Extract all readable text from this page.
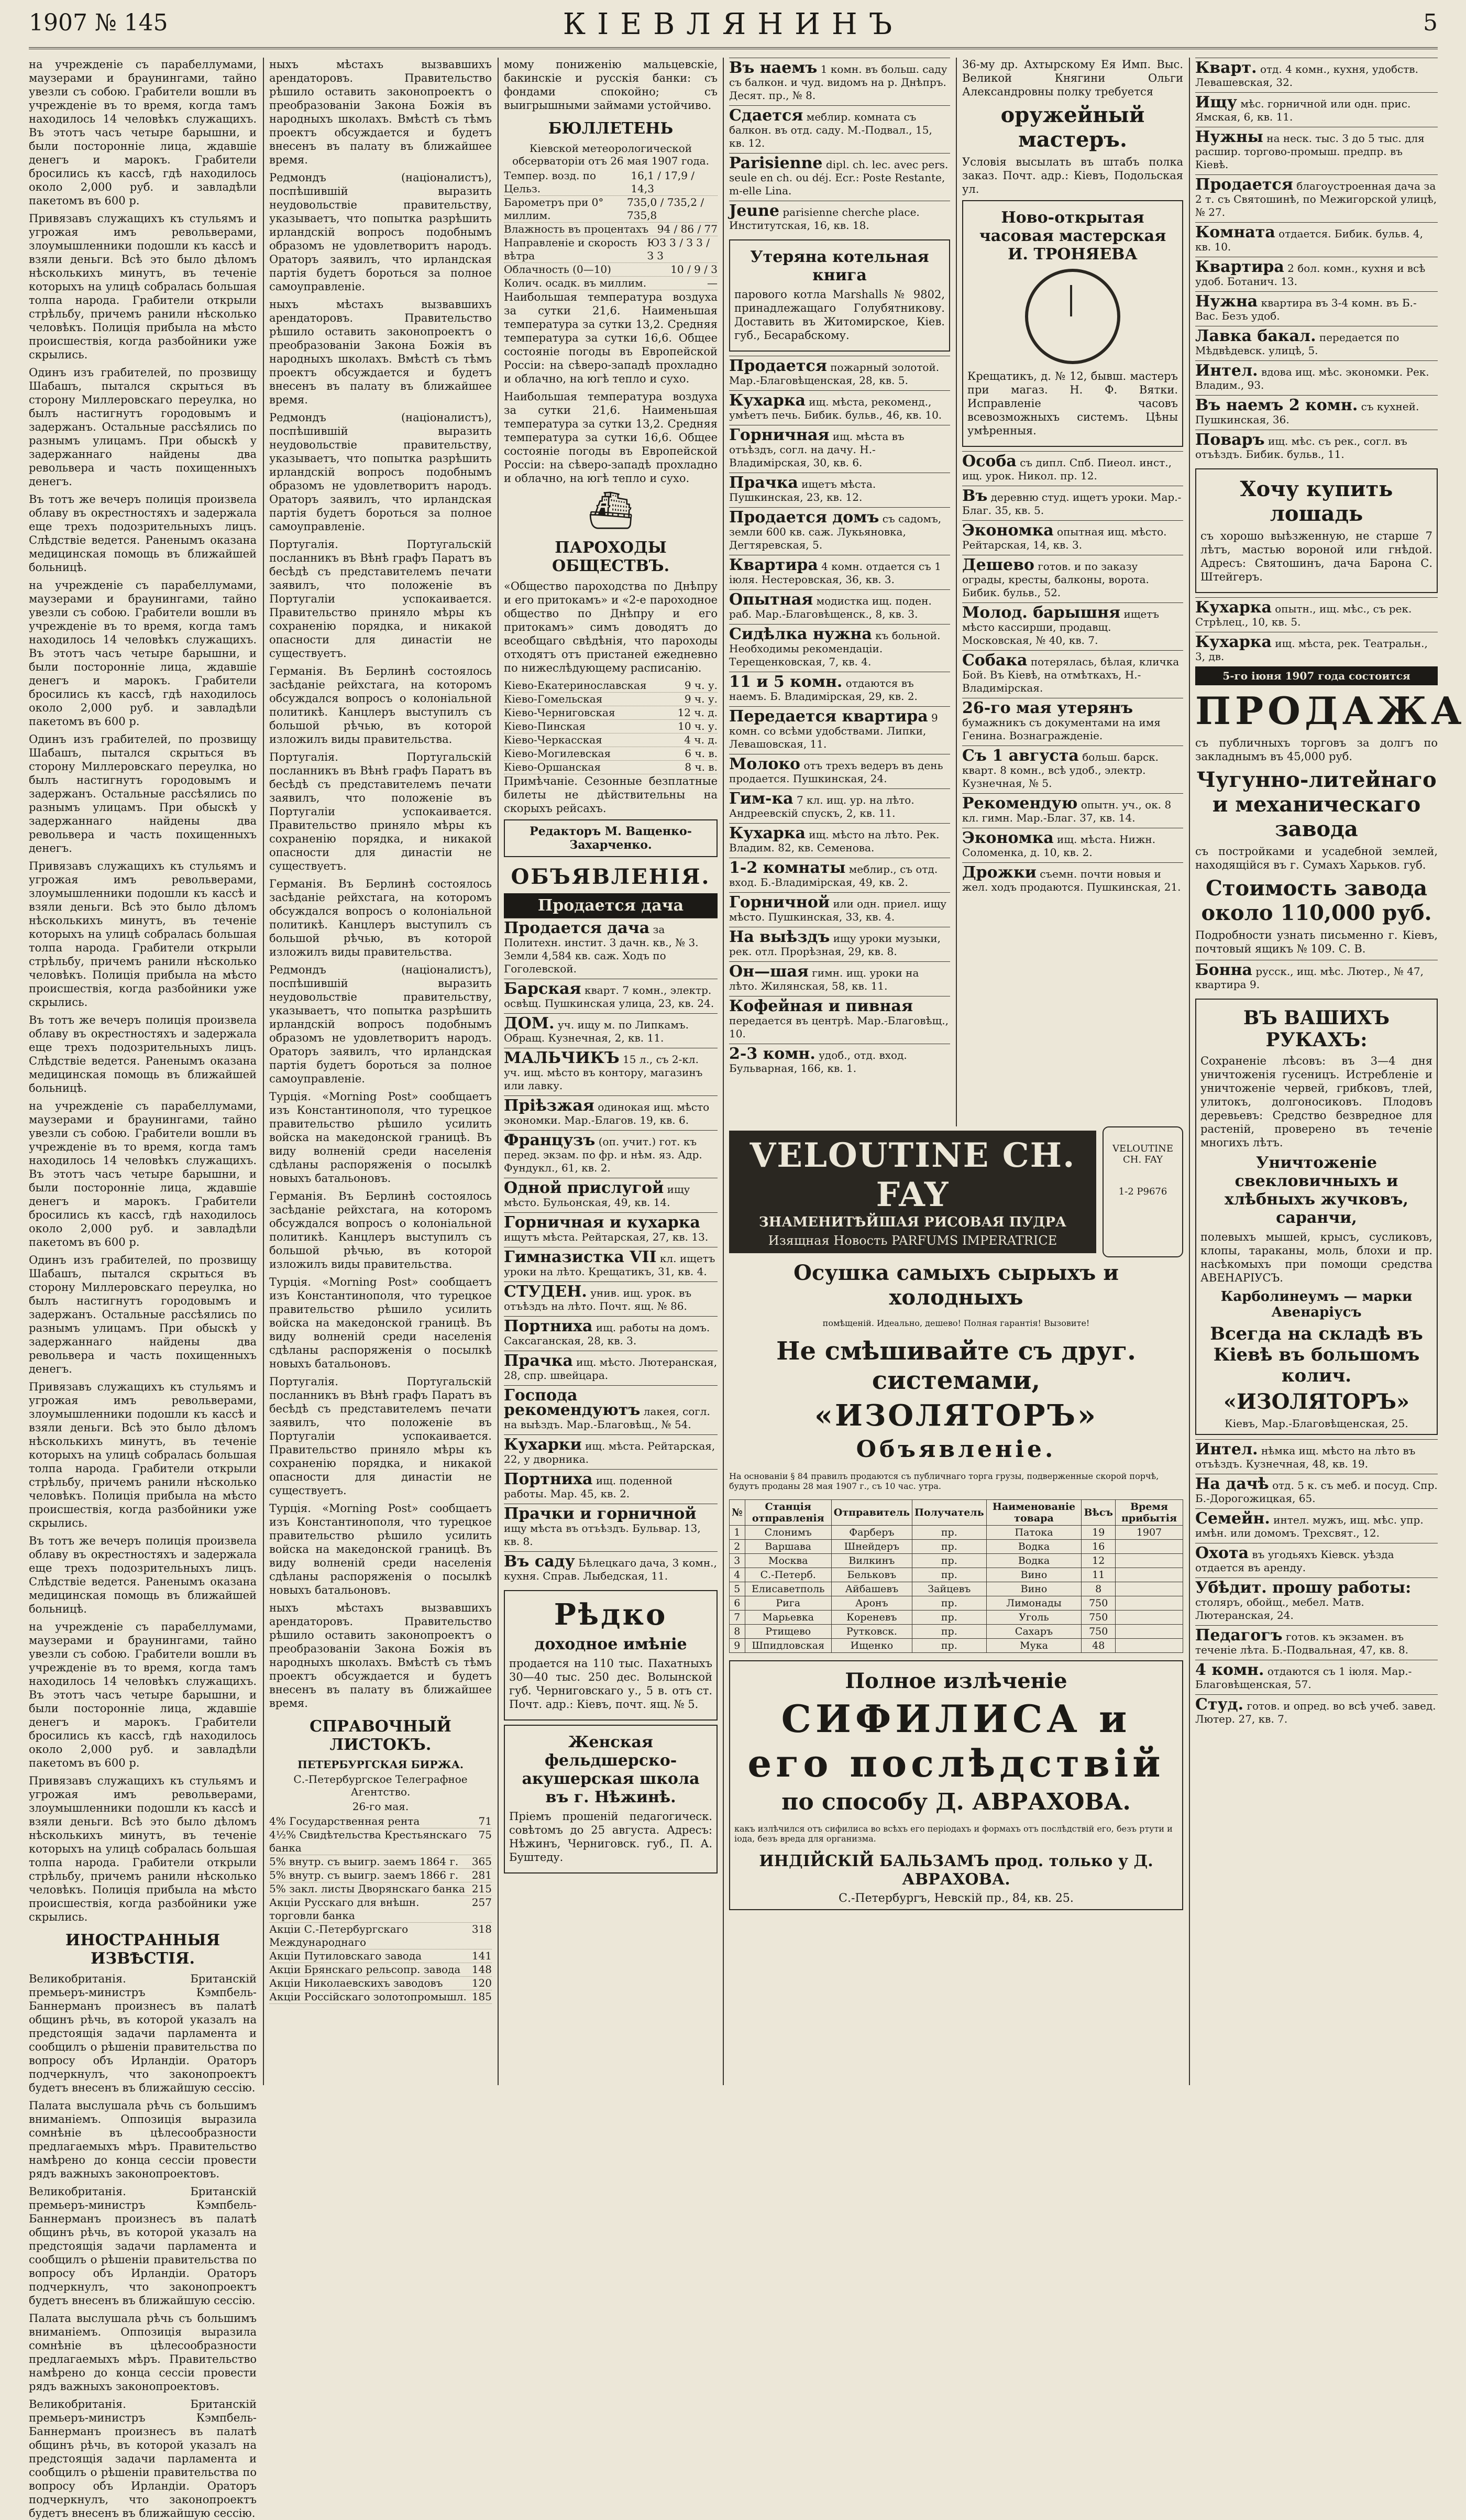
1907 № 145	КІЕВЛЯНИНЪ	5

на учрежденіе съ парабеллумами, маузерами и браунингами, тайно увезли съ собою. Грабители вошли въ учрежденіе въ то время, когда тамъ находилось 14 человѣкъ служащихъ. Въ этотъ часъ четыре барышни, и были посторонніе лица, ждавшіе денегъ и марокъ. Грабители бросились къ кассѣ, гдѣ находилось около 2,000 руб. и завладѣли пакетомъ въ 600 р.

Привязавъ служащихъ къ стульямъ и угрожая имъ револьверами, злоумышленники подошли къ кассѣ и взяли деньги. Всѣ это было дѣломъ нѣсколькихъ минутъ, въ теченіе которыхъ на улицѣ собралась большая толпа народа. Грабители открыли стрѣльбу, причемъ ранили нѣсколько человѣкъ. Полиція прибыла на мѣсто происшествія, когда разбойники уже скрылись.

Одинъ изъ грабителей, по прозвищу Шабашъ, пытался скрыться въ сторону Миллеровскаго переулка, но былъ настигнутъ городовымъ и задержанъ. Остальные рассѣялись по разнымъ улицамъ. При обыскѣ у задержаннаго найдены два револьвера и часть похищенныхъ денегъ.

Въ тотъ же вечеръ полиція произвела облаву въ окрестностяхъ и задержала еще трехъ подозрительныхъ лицъ. Слѣдствіе ведется. Раненымъ оказана медицинская помощь въ ближайшей больницѣ.

на учрежденіе съ парабеллумами, маузерами и браунингами, тайно увезли съ собою. Грабители вошли въ учрежденіе въ то время, когда тамъ находилось 14 человѣкъ служащихъ. Въ этотъ часъ четыре барышни, и были посторонніе лица, ждавшіе денегъ и марокъ. Грабители бросились къ кассѣ, гдѣ находилось около 2,000 руб. и завладѣли пакетомъ въ 600 р.

Одинъ изъ грабителей, по прозвищу Шабашъ, пытался скрыться въ сторону Миллеровскаго переулка, но былъ настигнутъ городовымъ и задержанъ. Остальные рассѣялись по разнымъ улицамъ. При обыскѣ у задержаннаго найдены два револьвера и часть похищенныхъ денегъ.

Привязавъ служащихъ къ стульямъ и угрожая имъ револьверами, злоумышленники подошли къ кассѣ и взяли деньги. Всѣ это было дѣломъ нѣсколькихъ минутъ, въ теченіе которыхъ на улицѣ собралась большая толпа народа. Грабители открыли стрѣльбу, причемъ ранили нѣсколько человѣкъ. Полиція прибыла на мѣсто происшествія, когда разбойники уже скрылись.

Въ тотъ же вечеръ полиція произвела облаву въ окрестностяхъ и задержала еще трехъ подозрительныхъ лицъ. Слѣдствіе ведется. Раненымъ оказана медицинская помощь въ ближайшей больницѣ.

на учрежденіе съ парабеллумами, маузерами и браунингами, тайно увезли съ собою. Грабители вошли въ учрежденіе въ то время, когда тамъ находилось 14 человѣкъ служащихъ. Въ этотъ часъ четыре барышни, и были посторонніе лица, ждавшіе денегъ и марокъ. Грабители бросились къ кассѣ, гдѣ находилось около 2,000 руб. и завладѣли пакетомъ въ 600 р.

Одинъ изъ грабителей, по прозвищу Шабашъ, пытался скрыться въ сторону Миллеровскаго переулка, но былъ настигнутъ городовымъ и задержанъ. Остальные рассѣялись по разнымъ улицамъ. При обыскѣ у задержаннаго найдены два револьвера и часть похищенныхъ денегъ.

Привязавъ служащихъ къ стульямъ и угрожая имъ револьверами, злоумышленники подошли къ кассѣ и взяли деньги. Всѣ это было дѣломъ нѣсколькихъ минутъ, въ теченіе которыхъ на улицѣ собралась большая толпа народа. Грабители открыли стрѣльбу, причемъ ранили нѣсколько человѣкъ. Полиція прибыла на мѣсто происшествія, когда разбойники уже скрылись.

Въ тотъ же вечеръ полиція произвела облаву въ окрестностяхъ и задержала еще трехъ подозрительныхъ лицъ. Слѣдствіе ведется. Раненымъ оказана медицинская помощь въ ближайшей больницѣ.

на учрежденіе съ парабеллумами, маузерами и браунингами, тайно увезли съ собою. Грабители вошли въ учрежденіе въ то время, когда тамъ находилось 14 человѣкъ служащихъ. Въ этотъ часъ четыре барышни, и были посторонніе лица, ждавшіе денегъ и марокъ. Грабители бросились къ кассѣ, гдѣ находилось около 2,000 руб. и завладѣли пакетомъ въ 600 р.

Привязавъ служащихъ къ стульямъ и угрожая имъ револьверами, злоумышленники подошли къ кассѣ и взяли деньги. Всѣ это было дѣломъ нѣсколькихъ минутъ, въ теченіе которыхъ на улицѣ собралась большая толпа народа. Грабители открыли стрѣльбу, причемъ ранили нѣсколько человѣкъ. Полиція прибыла на мѣсто происшествія, когда разбойники уже скрылись.

ИНОСТРАННЫЯ ИЗВѢСТІЯ.

Великобританія. Британскій премьеръ-министръ Кэмпбель-Баннерманъ произнесъ въ палатѣ общинъ рѣчь, въ которой указалъ на предстоящія задачи парламента и сообщилъ о рѣшеніи правительства по вопросу объ Ирландіи. Ораторъ подчеркнулъ, что законопроектъ будетъ внесенъ въ ближайшую сессію.

Палата выслушала рѣчь съ большимъ вниманіемъ. Оппозиція выразила сомнѣніе въ цѣлесообразности предлагаемыхъ мѣръ. Правительство намѣрено до конца сессіи провести рядъ важныхъ законопроектовъ.

Великобританія. Британскій премьеръ-министръ Кэмпбель-Баннерманъ произнесъ въ палатѣ общинъ рѣчь, въ которой указалъ на предстоящія задачи парламента и сообщилъ о рѣшеніи правительства по вопросу объ Ирландіи. Ораторъ подчеркнулъ, что законопроектъ будетъ внесенъ въ ближайшую сессію.

Палата выслушала рѣчь съ большимъ вниманіемъ. Оппозиція выразила сомнѣніе въ цѣлесообразности предлагаемыхъ мѣръ. Правительство намѣрено до конца сессіи провести рядъ важныхъ законопроектовъ.

Великобританія. Британскій премьеръ-министръ Кэмпбель-Баннерманъ произнесъ въ палатѣ общинъ рѣчь, въ которой указалъ на предстоящія задачи парламента и сообщилъ о рѣшеніи правительства по вопросу объ Ирландіи. Ораторъ подчеркнулъ, что законопроектъ будетъ внесенъ въ ближайшую сессію.

ныхъ мѣстахъ вызвавшихъ арендаторовъ. Правительство рѣшило оставить законопроектъ о преобразованіи Закона Божія въ народныхъ школахъ. Вмѣстѣ съ тѣмъ проектъ обсуждается и будетъ внесенъ въ палату въ ближайшее время.

Редмондъ (націоналистъ), поспѣшившій выразить неудовольствіе правительству, указываетъ, что попытка разрѣшить ирландскій вопросъ подобнымъ образомъ не удовлетворитъ народъ. Ораторъ заявилъ, что ирландская партія будетъ бороться за полное самоуправленіе.

ныхъ мѣстахъ вызвавшихъ арендаторовъ. Правительство рѣшило оставить законопроектъ о преобразованіи Закона Божія въ народныхъ школахъ. Вмѣстѣ съ тѣмъ проектъ обсуждается и будетъ внесенъ въ палату въ ближайшее время.

Редмондъ (націоналистъ), поспѣшившій выразить неудовольствіе правительству, указываетъ, что попытка разрѣшить ирландскій вопросъ подобнымъ образомъ не удовлетворитъ народъ. Ораторъ заявилъ, что ирландская партія будетъ бороться за полное самоуправленіе.

Португалія. Португальскій посланникъ въ Вѣнѣ графъ Паратъ въ бесѣдѣ съ представителемъ печати заявилъ, что положеніе въ Португаліи успокаивается. Правительство приняло мѣры къ сохраненію порядка, и никакой опасности для династіи не существуетъ.

Германія. Въ Берлинѣ состоялось засѣданіе рейхстага, на которомъ обсуждался вопросъ о колоніальной политикѣ. Канцлеръ выступилъ съ большой рѣчью, въ которой изложилъ виды правительства.

Португалія. Португальскій посланникъ въ Вѣнѣ графъ Паратъ въ бесѣдѣ съ представителемъ печати заявилъ, что положеніе въ Португаліи успокаивается. Правительство приняло мѣры къ сохраненію порядка, и никакой опасности для династіи не существуетъ.

Германія. Въ Берлинѣ состоялось засѣданіе рейхстага, на которомъ обсуждался вопросъ о колоніальной политикѣ. Канцлеръ выступилъ съ большой рѣчью, въ которой изложилъ виды правительства.

Редмондъ (націоналистъ), поспѣшившій выразить неудовольствіе правительству, указываетъ, что попытка разрѣшить ирландскій вопросъ подобнымъ образомъ не удовлетворитъ народъ. Ораторъ заявилъ, что ирландская партія будетъ бороться за полное самоуправленіе.

Турція. «Morning Post» сообщаетъ изъ Константинополя, что турецкое правительство рѣшило усилить войска на македонской границѣ. Въ виду волненій среди населенія сдѣланы распоряженія о посылкѣ новыхъ батальоновъ.

Германія. Въ Берлинѣ состоялось засѣданіе рейхстага, на которомъ обсуждался вопросъ о колоніальной политикѣ. Канцлеръ выступилъ съ большой рѣчью, въ которой изложилъ виды правительства.

Турція. «Morning Post» сообщаетъ изъ Константинополя, что турецкое правительство рѣшило усилить войска на македонской границѣ. Въ виду волненій среди населенія сдѣланы распоряженія о посылкѣ новыхъ батальоновъ.

Португалія. Португальскій посланникъ въ Вѣнѣ графъ Паратъ въ бесѣдѣ съ представителемъ печати заявилъ, что положеніе въ Португаліи успокаивается. Правительство приняло мѣры къ сохраненію порядка, и никакой опасности для династіи не существуетъ.

Турція. «Morning Post» сообщаетъ изъ Константинополя, что турецкое правительство рѣшило усилить войска на македонской границѣ. Въ виду волненій среди населенія сдѣланы распоряженія о посылкѣ новыхъ батальоновъ.

ныхъ мѣстахъ вызвавшихъ арендаторовъ. Правительство рѣшило оставить законопроектъ о преобразованіи Закона Божія въ народныхъ школахъ. Вмѣстѣ съ тѣмъ проектъ обсуждается и будетъ внесенъ въ палату въ ближайшее время.

СПРАВОЧНЫЙ ЛИСТОКЪ.
ПЕТЕРБУРГСКАЯ БИРЖА.
С.-Петербургское Телеграфное Агентство.
26-го мая.
4% Государственная рента	71
4½% Свидѣтельства Крестьянскаго банка
75
5% внутр. съ выигр. заемъ 1864 г. 365
5% внутр. съ выигр. заемъ 1866 г. 281
5% закл. листы Дворянскаго банка 215
Акціи Русскаго для внѣшн. торговли банка
257
Акціи С.-Петербургскаго Международнаго
318
Акціи Путиловскаго завода	141
Акціи Брянскаго рельсопр. завода 148
Акціи Николаевскихъ заводовъ	120
Акціи Россійскаго золотопромышл. 185

мому пониженію мальцевскіе, бакинскіе и русскія банки: съ фондами спокойно; съ выигрышными займами устойчиво.

БЮЛЛЕТЕНЬ
Кіевской метеорологической обсерваторіи отъ 26 мая 1907 года.
Темпер. возд. по Цельз.
16,1 / 17,9 / 14,3
Барометръ при 0° миллим.
735,0 / 735,2 / 735,8
Влажность въ процентахъ 94 / 86 / 77
Направленіе и скорость вѣтра
ЮЗ 3 / З 3 / З 3
Облачность (0—10)	10 / 9 / 3
Колич. осадк. въ миллим.	—

Наибольшая температура воздуха за сутки 21,6. Наименьшая температура за сутки 13,2. Средняя температура за сутки 16,6. Общее состояніе погоды въ Европейской Россіи: на сѣверо-западѣ прохладно и облачно, на югѣ тепло и сухо.

Наибольшая температура воздуха за сутки 21,6. Наименьшая температура за сутки 13,2. Средняя температура за сутки 16,6. Общее состояніе погоды въ Европейской Россіи: на сѣверо-западѣ прохладно и облачно, на югѣ тепло и сухо.

⛴
ПАРОХОДЫ ОБЩЕСТВЪ.

«Общество пароходства по Днѣпру и его притокамъ» и «2-е пароходное общество по Днѣпру и его притокамъ» симъ доводятъ до всеобщаго свѣдѣнія, что пароходы отходятъ отъ пристаней ежедневно по нижеслѣдующему расписанію.

Кіево-Екатеринославская	9 ч. у.
Кіево-Гомельская	9 ч. у.
Кіево-Черниговская	12 ч. д.
Кіево-Пинская	10 ч. у.
Кіево-Черкасская	4 ч. д.
Кіево-Могилевская	6 ч. в.
Кіево-Оршанская	8 ч. в.

Примѣчаніе. Сезонные безплатные билеты не дѣйствительны на скорыхъ рейсахъ.

Редакторъ М. Ващенко-Захарченко.
ОБЪЯВЛЕНІЯ.
Продается дача
Продается дача за Политехн. инстит. 3 дачн. кв., № 3. Земли 4,584 кв. саж. Ходъ по Гоголевской.
Барская кварт. 7 комн., электр. освѣщ. Пушкинская улица, 23, кв. 24.
ДОМ. уч. ищу м. по Липкамъ. Обращ. Кузнечная, 2, кв. 11.
МАЛЬЧИКЪ 15 л., съ 2-кл. уч. ищ. мѣсто въ контору, магазинъ или лавку.
Пріѣзжая одинокая ищ. мѣсто экономки. Мар.-Благов. 19, кв. 6.
Французъ (оп. учит.) гот. къ перед. экзам. по фр. и нѣм. яз. Адр. Фундукл., 61, кв. 2.
Одной прислугой ищу мѣсто. Бульонская, 49, кв. 14.
Горничная и кухарка ищутъ мѣста. Рейтарская, 27, кв. 13.
Гимназистка VII кл. ищетъ уроки на лѣто. Крещатикъ, 31, кв. 4.
СТУДЕН. унив. ищ. урок. въ отъѣздъ на лѣто. Почт. ящ. № 86.
Портниха ищ. работы на домъ. Саксаганская, 28, кв. 3.
Прачка ищ. мѣсто. Лютеранская, 28, спр. швейцара.
Господа рекомендуютъ лакея, согл. на выѣздъ. Мар.-Благовѣщ., № 54.
Кухарки ищ. мѣста. Рейтарская, 22, у дворника.
Портниха ищ. поденной работы. Мар. 45, кв. 2.
Прачки и горничной ищу мѣста въ отъѣздъ. Бульвар. 13, кв. 8.
Въ саду Бѣлецкаго дача, 3 комн., кухня. Справ. Лыбедская, 11.
Рѣдко
доходное имѣніе

продается на 110 тыс. Пахатныхъ 30—40 тыс. 250 дес. Волынской губ. Черниговскаго у., 5 в. отъ ст. Почт. адр.: Кіевъ, почт. ящ. № 5.

Женская фельдшерско-акушерская школа въ г. Нѣжинѣ.

Пріемъ прошеній педагогическ. совѣтомъ до 25 августа. Адресъ: Нѣжинъ, Черниговск. губ., П. А. Буштеду.

Въ наемъ 1 комн. въ больш. саду съ балкон. и чуд. видомъ на р. Днѣпръ. Десят. пр., № 8.
Сдается меблир. комната съ балкон. въ отд. саду. М.-Подвал., 15, кв. 12.
Parisienne dipl. ch. lec. avec pers. seule en ch. ou déj. Ecr.: Poste Restante, m-elle Lina.
Jeune parisienne cherche place. Институтская, 16, кв. 18.
Утеряна котельная книга

парового котла Marshalls № 9802, принадлежащаго Голубятникову. Доставить въ Житомирское, Кіев. губ., Бесарабскому.

Продается пожарный золотой. Мар.-Благовѣщенская, 28, кв. 5.
Кухарка ищ. мѣста, рекоменд., умѣетъ печь. Бибик. бульв., 46, кв. 10.
Горничная ищ. мѣста въ отъѣздъ, согл. на дачу. Н.-Владимірская, 30, кв. 6.
Прачка ищетъ мѣста. Пушкинская, 23, кв. 12.
Продается домъ съ садомъ, земли 600 кв. саж. Лукьяновка, Дегтяревская, 5.
Квартира 4 комн. отдается съ 1 іюля. Нестеровская, 36, кв. 3.
Опытная модистка ищ. поден. раб. Мар.-Благовѣщенск., 8, кв. 3.
Сидѣлка нужна къ больной. Необходимы рекомендаціи. Терещенковская, 7, кв. 4.
11 и 5 комн. отдаются въ наемъ. Б. Владимірская, 29, кв. 2.
Передается квартира 9 комн. со всѣми удобствами. Липки, Левашовская, 11.
Молоко отъ трехъ ведеръ въ день продается. Пушкинская, 24.
Гим-ка 7 кл. ищ. ур. на лѣто. Андреевскій спускъ, 2, кв. 11.
Кухарка ищ. мѣсто на лѣто. Рек. Владим. 82, кв. Семенова.
1-2 комнаты меблир., съ отд. вход. Б.-Владимірская, 49, кв. 2.
Горничной или одн. приел. ищу мѣсто. Пушкинская, 33, кв. 4.
На выѣздъ ищу уроки музыки, рек. отл. Прорѣзная, 29, кв. 8.
Он—шая гимн. ищ. уроки на лѣто. Жилянская, 58, кв. 11.
Кофейная и пивная передается въ центрѣ. Мар.-Благовѣщ., 10.
2-3 комн. удоб., отд. вход. Бульварная, 166, кв. 1.

36-му др. Ахтырскому Ея Имп. Выс. Великой Княгини Ольги Александровны полку требуется

оружейный мастеръ.

Условія высылать въ штабъ полка заказ. Почт. адр.: Кіевъ, Подольская ул.

Ново-открытая часовая мастерская И. ТРОНЯЕВА

Крещатикъ, д. № 12, бывш. мастеръ при магаз. Н. Ф. Вятки. Исправленіе часовъ всевозможныхъ системъ. Цѣны умѣренныя.

Особа съ дипл. Спб. Пиеол. инст., ищ. урок. Никол. пр. 12.
Въ деревню студ. ищетъ уроки. Мар.-Благ. 35, кв. 5.
Экономка опытная ищ. мѣсто. Рейтарская, 14, кв. 3.
Дешево готов. и по заказу ограды, кресты, балконы, ворота. Бибик. бульв., 52.
Молод. барышня ищетъ мѣсто кассирши, продавщ. Московская, № 40, кв. 7.
Собака потерялась, бѣлая, кличка Бой. Въ Кіевѣ, на отмѣткахъ, Н.-Владимірская.
26-го мая утерянъ бумажникъ съ документами на имя Генина. Вознагражденіе.
Съ 1 августа больш. барск. кварт. 8 комн., всѣ удоб., электр. Кузнечная, № 5.
Рекомендую опытн. уч., ок. 8 кл. гимн. Мар.-Благ. 37, кв. 14.
Экономка ищ. мѣста. Нижн. Соломенка, д. 10, кв. 2.
Дрожки съемн. почти новыя и жел. ходъ продаются. Пушкинская, 21.
VELOUTINE CH. FAY
ЗНАМЕНИТѢЙШАЯ РИСОВАЯ ПУДРА
Изящная Новость PARFUMS IMPERATRICE
VELOUTINE CH. FAY
1-2 P9676
Осушка самыхъ сырыхъ и холодныхъ

помѣщеній. Идеально, дешево! Полная гарантія! Вызовите!

Не смѣшивайте съ друг. системами,
«ИЗОЛЯТОРЪ»
Объявленіе.

На основаніи § 84 правилъ продаются съ публичнаго торга грузы, подверженные скорой порчѣ, будутъ проданы 28 мая 1907 г., съ 10 час. утра.

№	Станція отправленія	Отправитель	Получатель	Наименованіе товара	Вѣсъ	Время прибытія
1	Слонимъ	Фарберъ	пр.	Патока	19	1907
2	Варшава	Шнейдеръ	пр.	Водка	16	
3	Москва	Вилкинъ	пр.	Водка	12	
4	С.-Петерб.	Бельковъ	пр.	Вино	11	
5	Елисаветполь	Айбашевъ	Зайцевъ	Вино	8	
6	Рига	Аронъ	пр.	Лимонады	750	
7	Марьевка	Кореневъ	пр.	Уголь	750	
8	Ртищево	Рутковск.	пр.	Сахаръ	750	
9	Шпидловская	Ищенко	пр.	Мука	48	
Полное излѣченіе
СИФИЛИСА и его послѣдствій
по способу Д. АВРАХОВА.

какъ излѣчился отъ сифилиса во всѣхъ его періодахъ и формахъ отъ послѣдствій его, безъ ртути и іода, безъ вреда для организма.

ИНДІЙСКІЙ БАЛЬЗАМЪ прод. только у Д. АВРАХОВА.
С.-Петербургъ, Невскій пр., 84, кв. 25.
Кварт. отд. 4 комн., кухня, удобств. Левашевская, 32.
Ищу мѣс. горничной или одн. прис. Ямская, 6, кв. 11.
Нужны на неск. тыс. 3 до 5 тыс. для расшир. торгово-промыш. предпр. въ Кіевѣ.
Продается благоустроенная дача за 2 т. съ Святошинѣ, по Межигорской улицѣ, № 27.
Комната отдается. Бибик. бульв. 4, кв. 10.
Квартира 2 бол. комн., кухня и всѣ удоб. Ботанич. 13.
Нужна квартира въ 3-4 комн. въ Б.-Вас. Безъ удоб.
Лавка бакал. передается по Мѣдвѣдевск. улицѣ, 5.
Интел. вдова ищ. мѣс. экономки. Рек. Владим., 93.
Въ наемъ 2 комн. съ кухней. Пушкинская, 36.
Поваръ ищ. мѣс. съ рек., согл. въ отъѣздъ. Бибик. бульв., 11.
Хочу купить лошадь

съ хорошо выѣзженную, не старше 7 лѣтъ, мастью вороной или гнѣдой. Адресъ: Святошинъ, дача Барона С. Штейгеръ.

Кухарка опытн., ищ. мѣс., съ рек. Стрѣлец., 10, кв. 5.
Кухарка ищ. мѣста, рек. Театральн., 3, дв.
5-го іюня 1907 года состоится
ПРОДАЖА

съ публичныхъ торговъ за долгъ по закладнымъ въ 45,000 руб.

Чугунно-литейнаго и механическаго завода

съ постройками и усадебной землей, находящійся въ г. Сумахъ Харьков. губ.

Стоимость завода около 110,000 руб.

Подробности узнать письменно г. Кіевъ, почтовый ящикъ № 109. С. В.

Бонна русск., ищ. мѣс. Лютер., № 47, квартира 9.
ВЪ ВАШИХЪ РУКАХЪ:

Сохраненіе лѣсовъ: въ 3—4 дня уничтоженія гусеницъ. Истребленіе и уничтоженіе червей, грибковъ, тлей, улитокъ, долгоносиковъ. Плодовъ деревьевъ: Средство безвредное для растеній, проверено въ теченіе многихъ лѣтъ.

Уничтоженіе свекловичныхъ и хлѣбныхъ жучковъ, саранчи,

полевыхъ мышей, крысъ, сусликовъ, клопы, тараканы, моль, блохи и пр. насѣкомыхъ при помощи средства АВЕНАРІУСЪ.

Карболинеумъ — марки Авенаріусъ
Всегда на складѣ въ Кіевѣ въ большомъ колич.
«ИЗОЛЯТОРЪ»
Кіевъ, Мар.-Благовѣщенская, 25.
Интел. нѣмка ищ. мѣсто на лѣто въ отъѣздъ. Кузнечная, 48, кв. 19.
На дачѣ отд. 5 к. съ меб. и посуд. Спр. Б.-Дорогожицкая, 65.
Семейн. интел. мужъ, ищ. мѣс. упр. имѣн. или домомъ. Трехсвят., 12.
Охота въ угодьяхъ Кіевск. уѣзда отдается въ аренду.
Убѣдит. прошу работы: столяръ, обойщ., мебел. Матв. Лютеранская, 24.
Педагогъ готов. къ экзамен. въ теченіе лѣта. Б.-Подвальная, 47, кв. 8.
4 комн. отдаются съ 1 іюля. Мар.-Благовѣщенская, 57.
Студ. готов. и опред. во всѣ учеб. завед. Лютер. 27, кв. 7.
